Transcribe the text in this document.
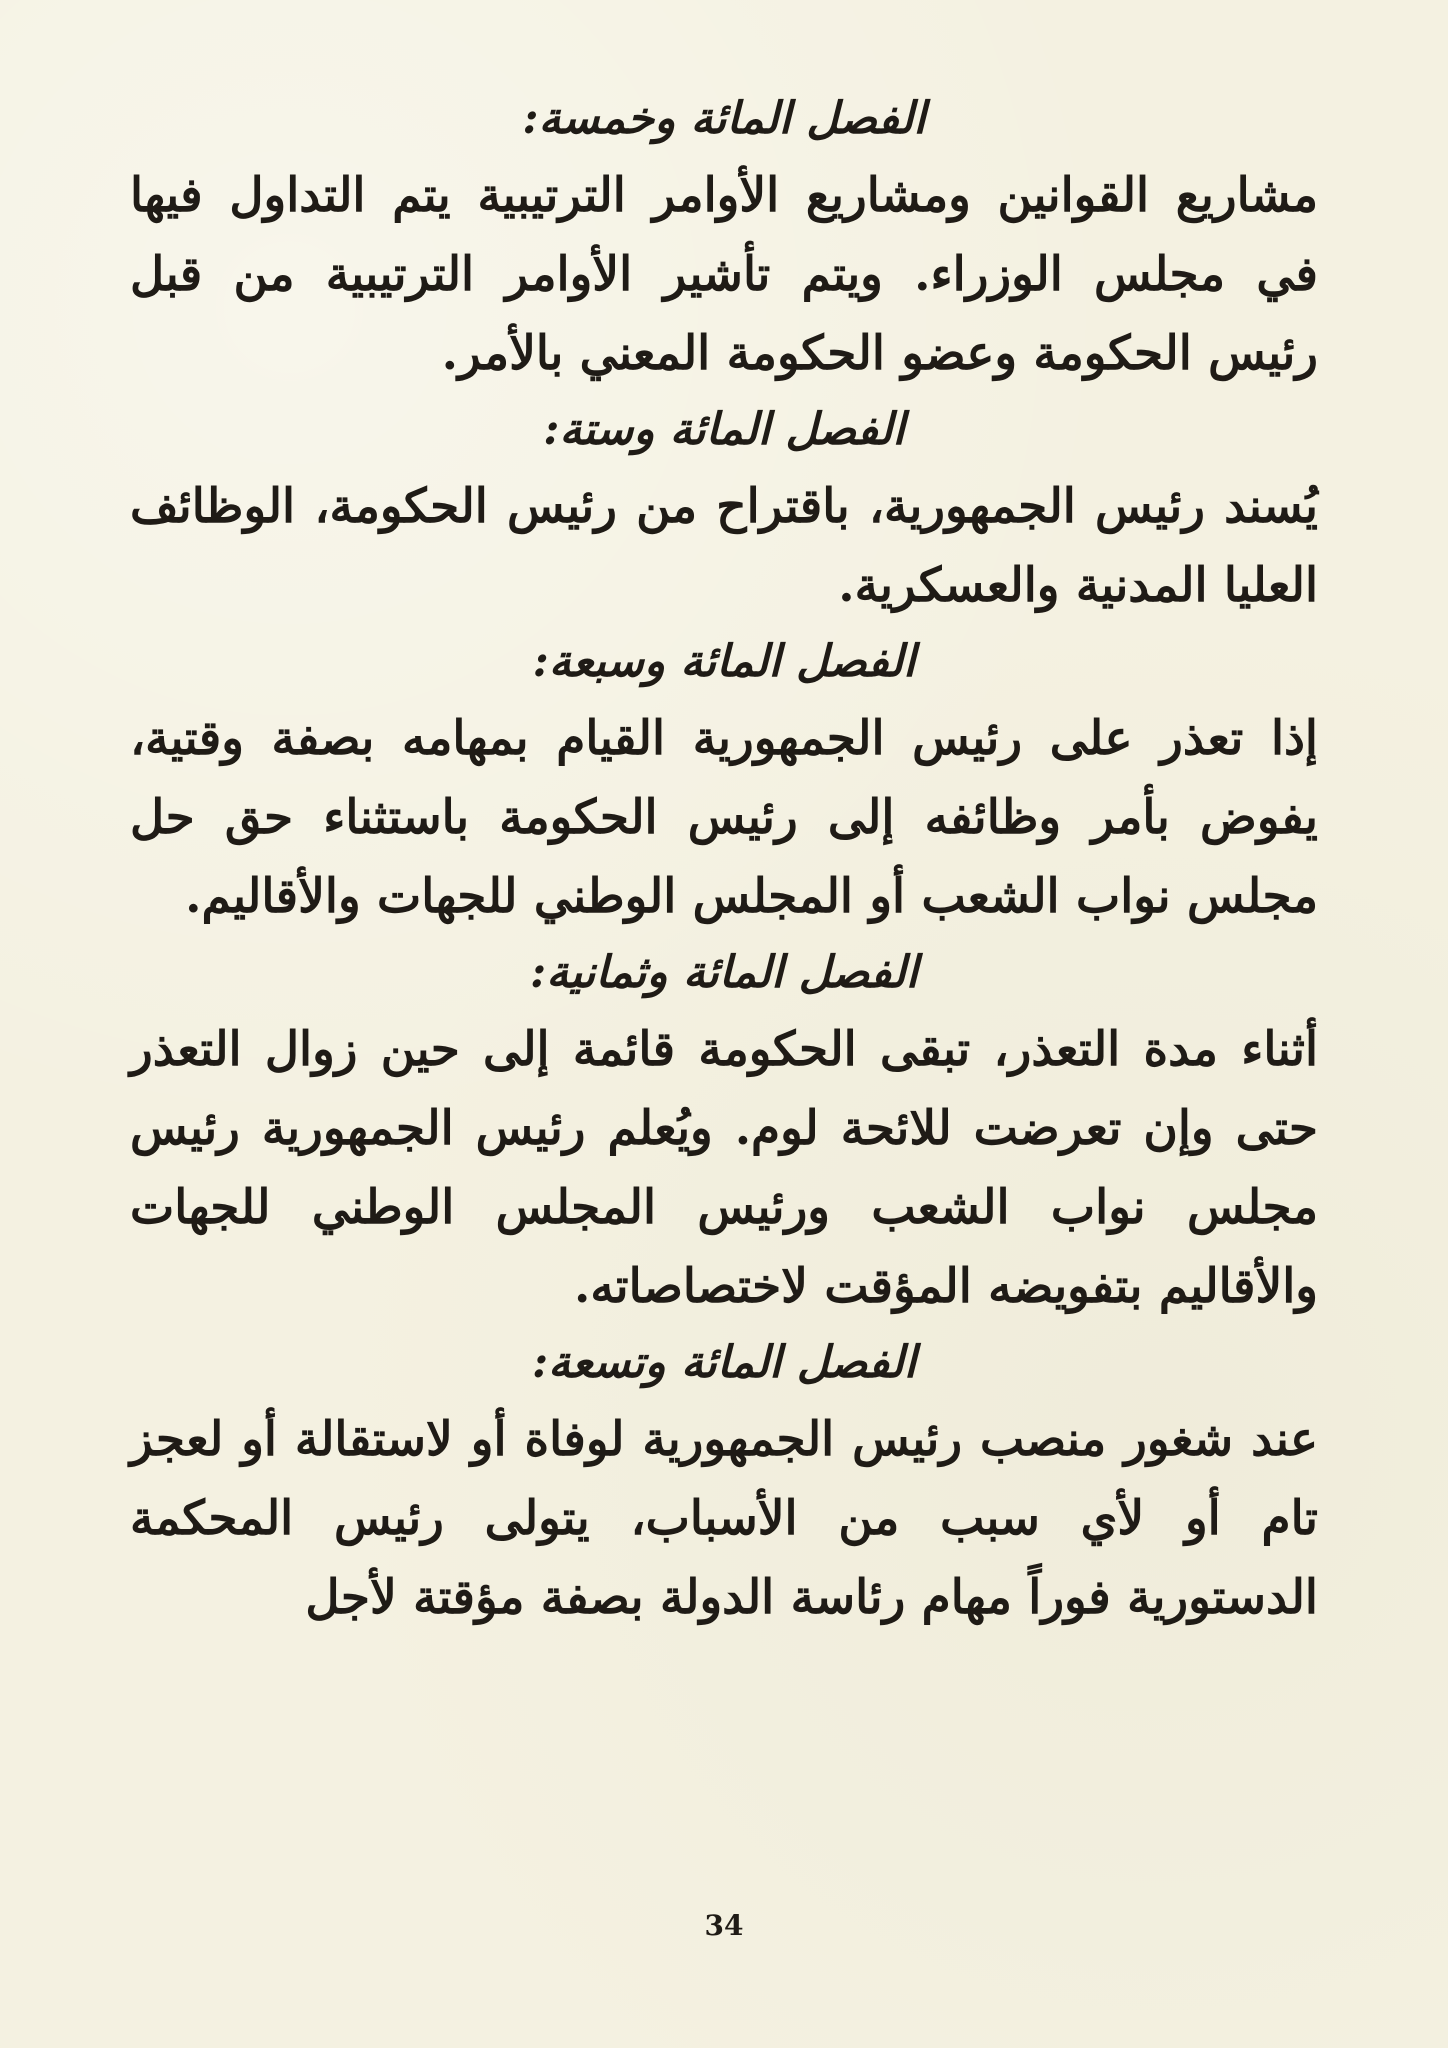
الفصل المائة وخمسة:

مشاريع القوانين ومشاريع الأوامر الترتيبية يتم التداول فيها في مجلس الوزراء. ويتم تأشير الأوامر الترتيبية من قبل رئيس الحكومة وعضو الحكومة المعني بالأمر.

الفصل المائة وستة:

يُسند رئيس الجمهورية، باقتراح من رئيس الحكومة، الوظائف العليا المدنية والعسكرية.

الفصل المائة وسبعة:

إذا تعذر على رئيس الجمهورية القيام بمهامه بصفة وقتية، يفوض بأمر وظائفه إلى رئيس الحكومة باستثناء حق حل مجلس نواب الشعب أو المجلس الوطني للجهات والأقاليم.

الفصل المائة وثمانية:

أثناء مدة التعذر، تبقى الحكومة قائمة إلى حين زوال التعذر حتى وإن تعرضت للائحة لوم. ويُعلم رئيس الجمهورية رئيس مجلس نواب الشعب ورئيس المجلس الوطني للجهات والأقاليم بتفويضه المؤقت لاختصاصاته.

الفصل المائة وتسعة:

عند شغور منصب رئيس الجمهورية لوفاة أو لاستقالة أو لعجز تام أو لأي سبب من الأسباب، يتولى رئيس المحكمة الدستورية فوراً مهام رئاسة الدولة بصفة مؤقتة لأجل

34
